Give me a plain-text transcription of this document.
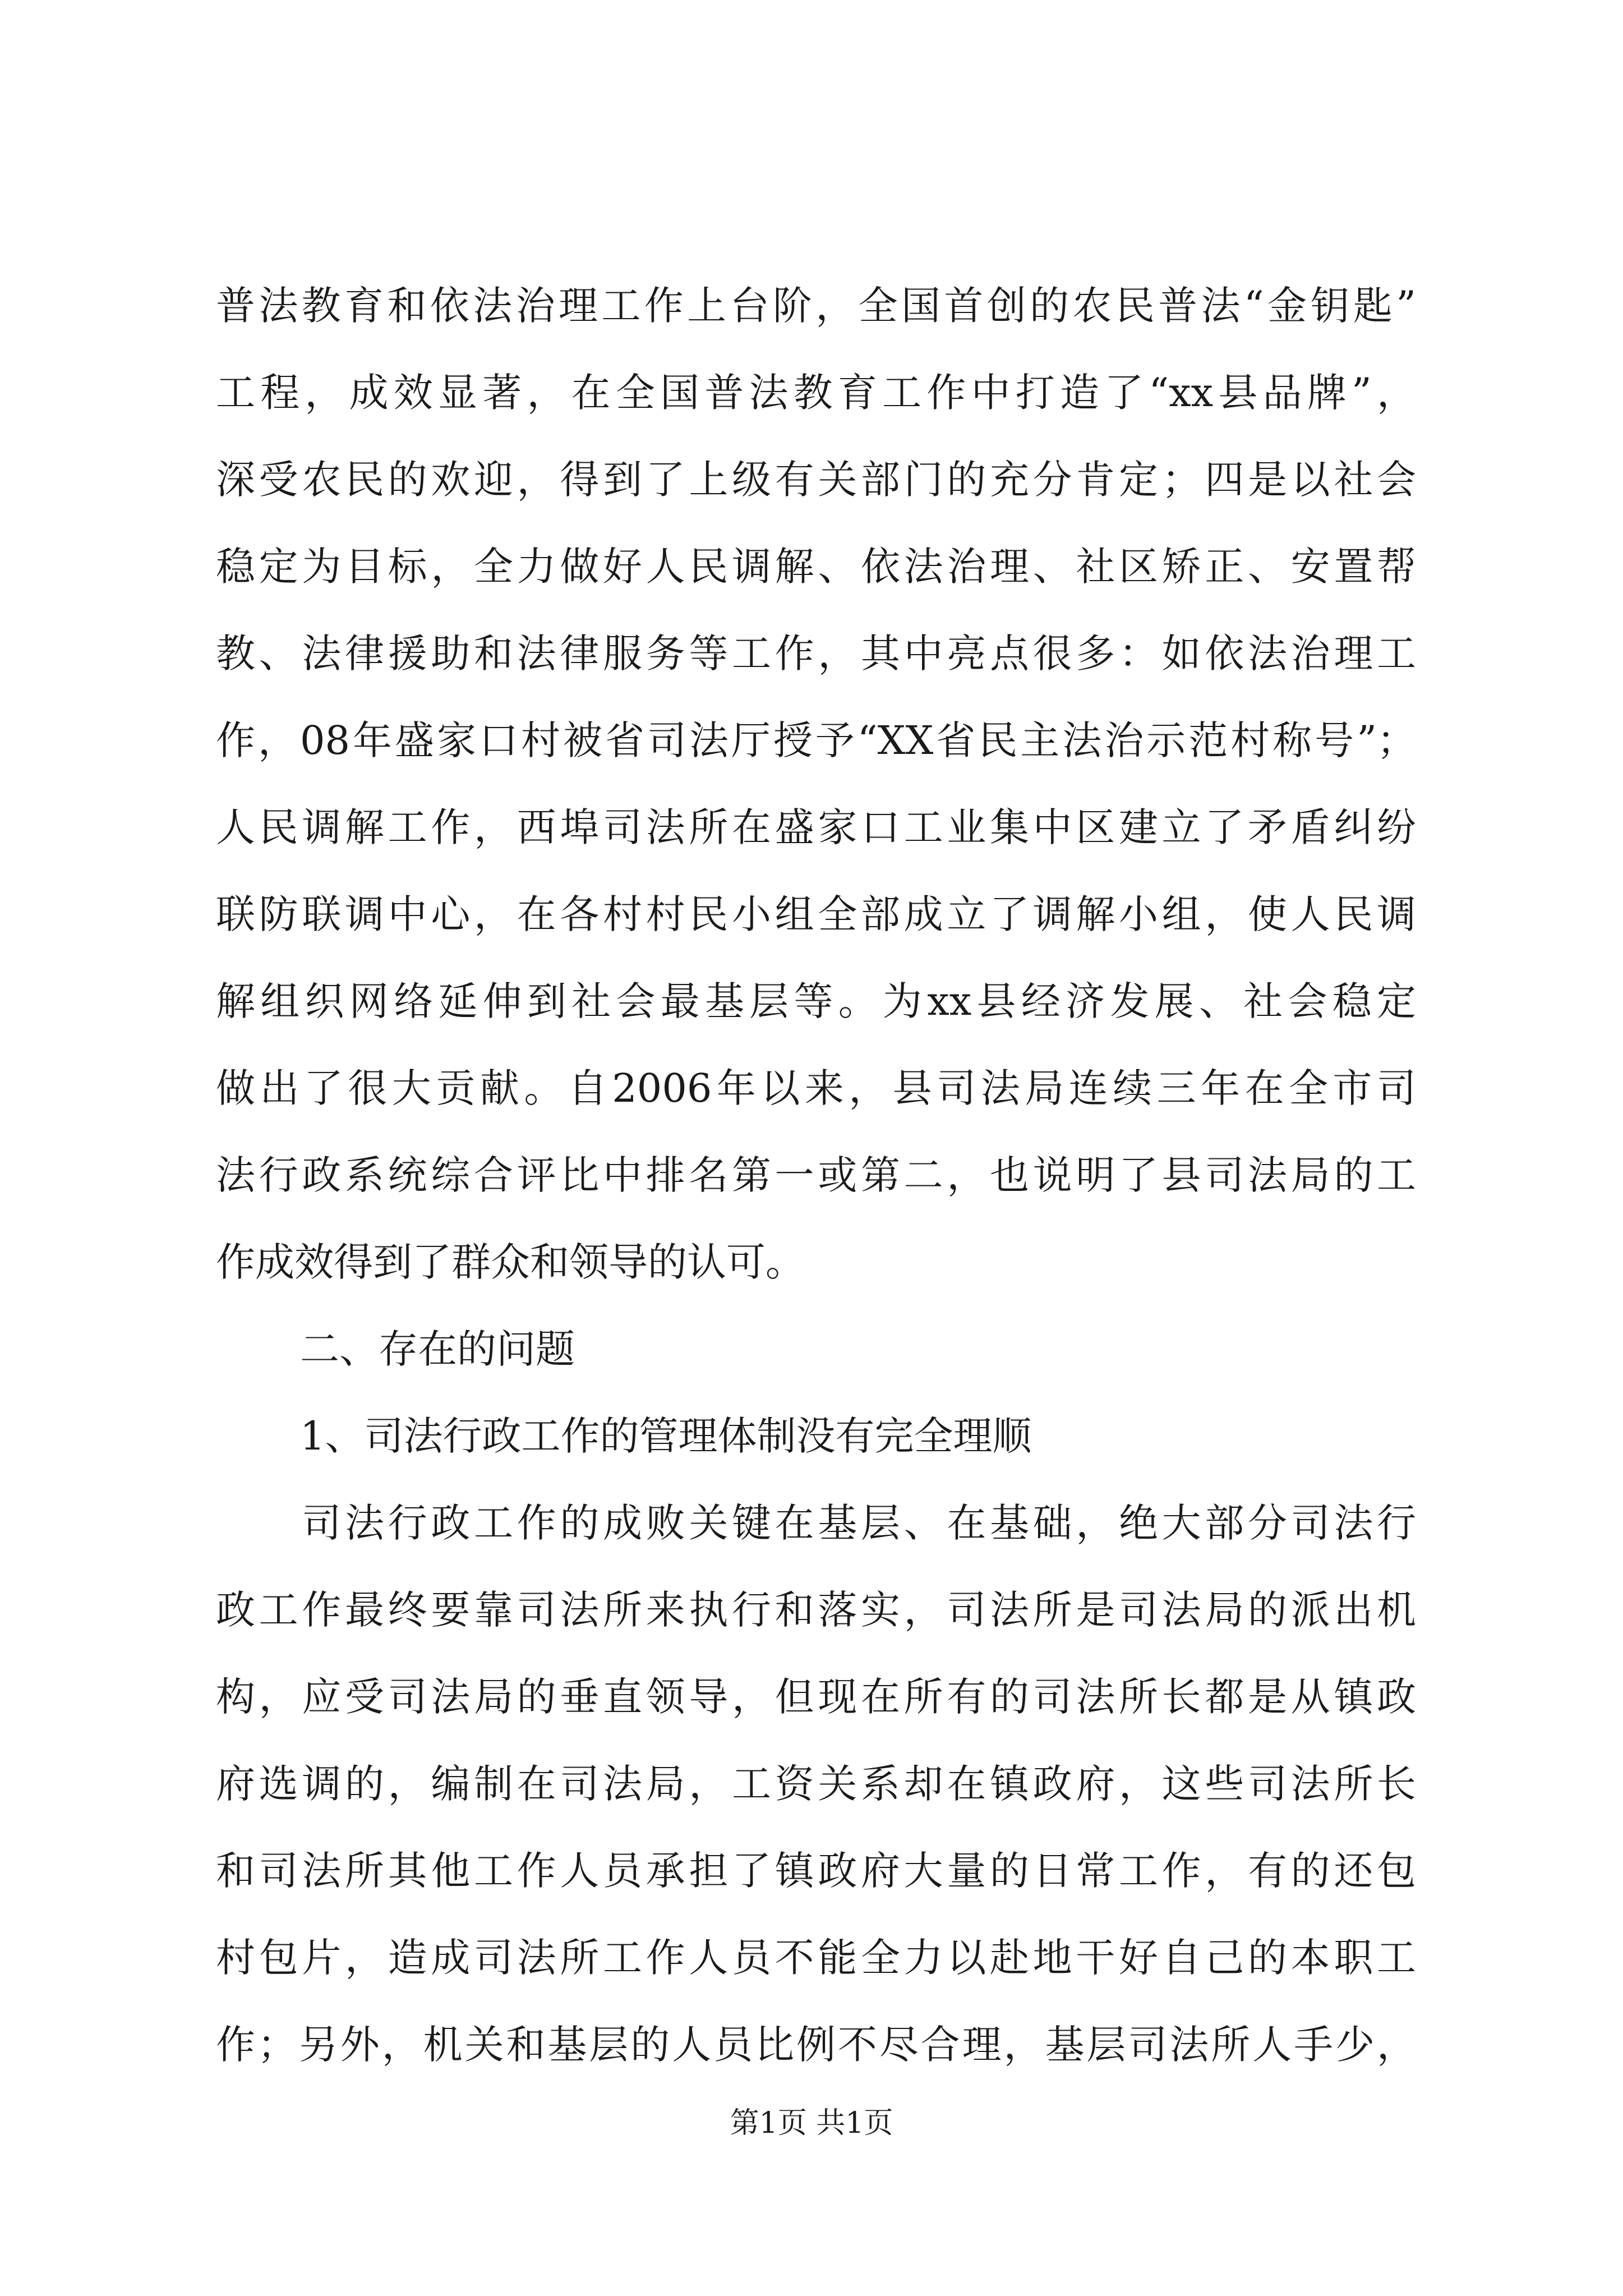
普法教育和依法治理工作上台阶，全国首创的农民普法“金钥匙”
工程，成效显著，在全国普法教育工作中打造了“xx县品牌”，
深受农民的欢迎，得到了上级有关部门的充分肯定；四是以社会
稳定为目标，全力做好人民调解、依法治理、社区矫正、安置帮
教、法律援助和法律服务等工作，其中亮点很多：如依法治理工
作，08年盛家口村被省司法厅授予“XX省民主法治示范村称号”；
人民调解工作，西埠司法所在盛家口工业集中区建立了矛盾纠纷
联防联调中心，在各村村民小组全部成立了调解小组，使人民调
解组织网络延伸到社会最基层等。为xx县经济发展、社会稳定
做出了很大贡献。自2006年以来，县司法局连续三年在全市司
法行政系统综合评比中排名第一或第二，也说明了县司法局的工
作成效得到了群众和领导的认可。
二、存在的问题
1、司法行政工作的管理体制没有完全理顺
　　司法行政工作的成败关键在基层、在基础，绝大部分司法行
政工作最终要靠司法所来执行和落实，司法所是司法局的派出机
构，应受司法局的垂直领导，但现在所有的司法所长都是从镇政
府选调的，编制在司法局，工资关系却在镇政府，这些司法所长
和司法所其他工作人员承担了镇政府大量的日常工作，有的还包
村包片，造成司法所工作人员不能全力以赴地干好自己的本职工
作；另外，机关和基层的人员比例不尽合理，基层司法所人手少，
第1页 共1页
